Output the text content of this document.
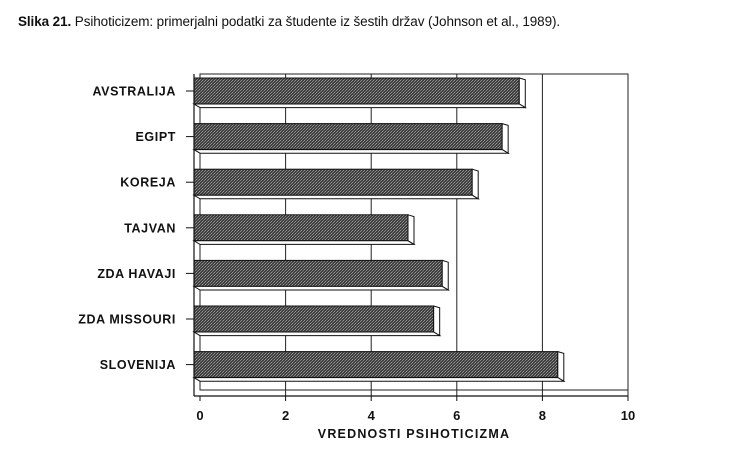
Slika 21. Psihoticizem: primerjalni podatki za študente iz šestih držav (Johnson et al., 1989).
AVSTRALIJA
EGIPT
KOREJA
TAJVAN
ZDA HAVAJI
ZDA MISSOURI
SLOVENIJA
0	2	4	6	8	10
VREDNOSTI PSIHOTICIZMA
